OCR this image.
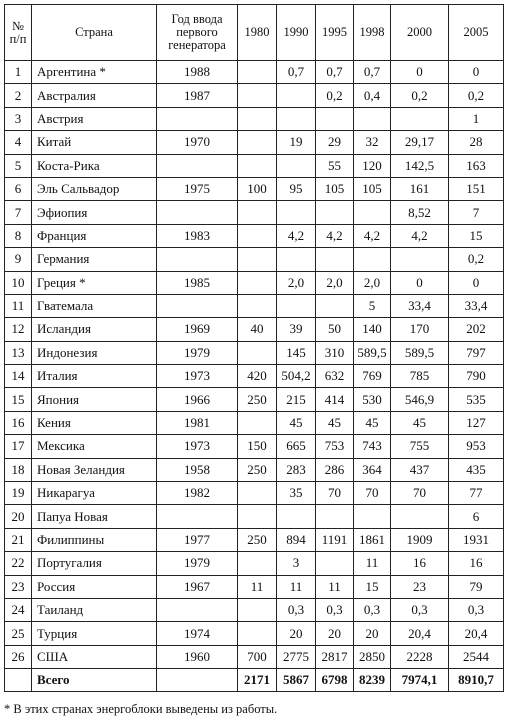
№ п/п	Страна	Год ввода первого генератора	1980	1990	1995	1998	2000	2005
1	Аргентина *	1988		0,7	0,7	0,7	0	0
2	Австралия	1987			0,2	0,4	0,2	0,2
3	Австрия							1
4	Китай	1970		19	29	32	29,17	28
5	Коста-Рика				55	120	142,5	163
6	Эль Сальвадор	1975	100	95	105	105	161	151
7	Эфиопия						8,52	7
8	Франция	1983		4,2	4,2	4,2	4,2	15
9	Германия							0,2
10	Греция *	1985		2,0	2,0	2,0	0	0
11	Гватемала					5	33,4	33,4
12	Исландия	1969	40	39	50	140	170	202
13	Индонезия	1979		145	310	589,5	589,5	797
14	Италия	1973	420	504,2	632	769	785	790
15	Япония	1966	250	215	414	530	546,9	535
16	Кения	1981		45	45	45	45	127
17	Мексика	1973	150	665	753	743	755	953
18	Новая Зеландия	1958	250	283	286	364	437	435
19	Никарагуа	1982		35	70	70	70	77
20	Папуа Новая							6
21	Филиппины	1977	250	894	1191	1861	1909	1931
22	Португалия	1979		3		11	16	16
23	Россия	1967	11	11	11	15	23	79
24	Таиланд			0,3	0,3	0,3	0,3	0,3
25	Турция	1974		20	20	20	20,4	20,4
26	США	1960	700	2775	2817	2850	2228	2544
	Всего		2171	5867	6798	8239	7974,1	8910,7
* В этих странах энергоблоки выведены из работы.
